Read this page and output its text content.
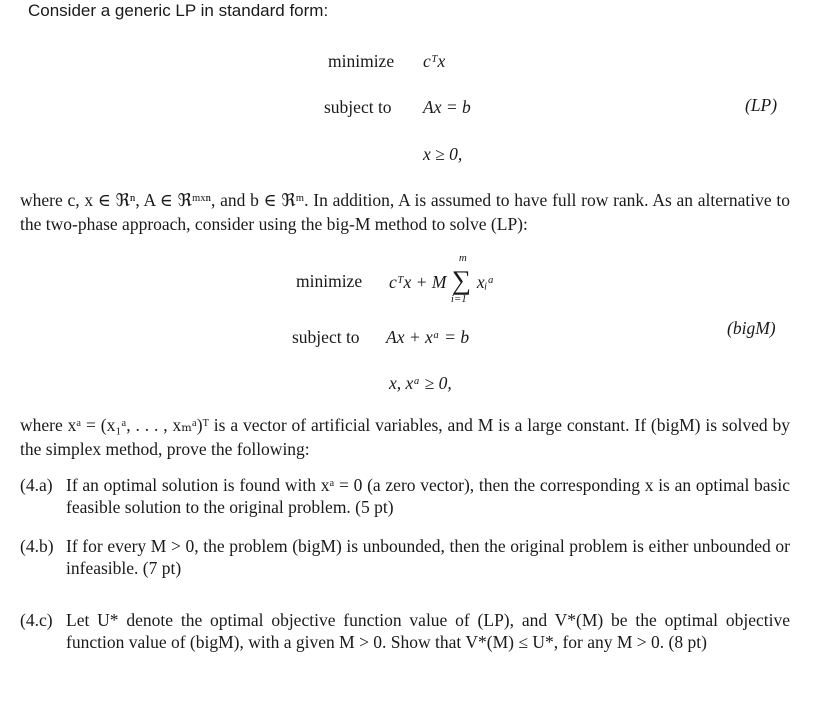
Consider a generic LP in standard form:
minimize cᵀx
subject to Ax = b
x ≥ 0,
(LP)

where c, x ∈ ℜⁿ, A ∈ ℜᵐˣⁿ, and b ∈ ℜᵐ. In addition, A is assumed to have full row rank. As an alternative to the two-phase approach, consider using the big-M method to solve (LP):

minimize cᵀx + M ∑
m
i=1
xᵢᵃ
subject to Ax + xᵃ = b
x, xᵃ ≥ 0,
(bigM)

where xᵃ = (x₁ᵃ, . . . , xₘᵃ)ᵀ is a vector of artificial variables, and M is a large constant. If (bigM) is solved by the simplex method, prove the following:

(4.a) If an optimal solution is found with xᵃ = 0 (a zero vector), then the corresponding x is an optimal basic feasible solution to the original problem. (5 pt)
(4.b) If for every M > 0, the problem (bigM) is unbounded, then the original problem is either unbounded or infeasible. (7 pt)
(4.c) Let U* denote the optimal objective function value of (LP), and V*(M) be the optimal objective function value of (bigM), with a given M > 0. Show that V*(M) ≤ U*, for any M > 0. (8 pt)
